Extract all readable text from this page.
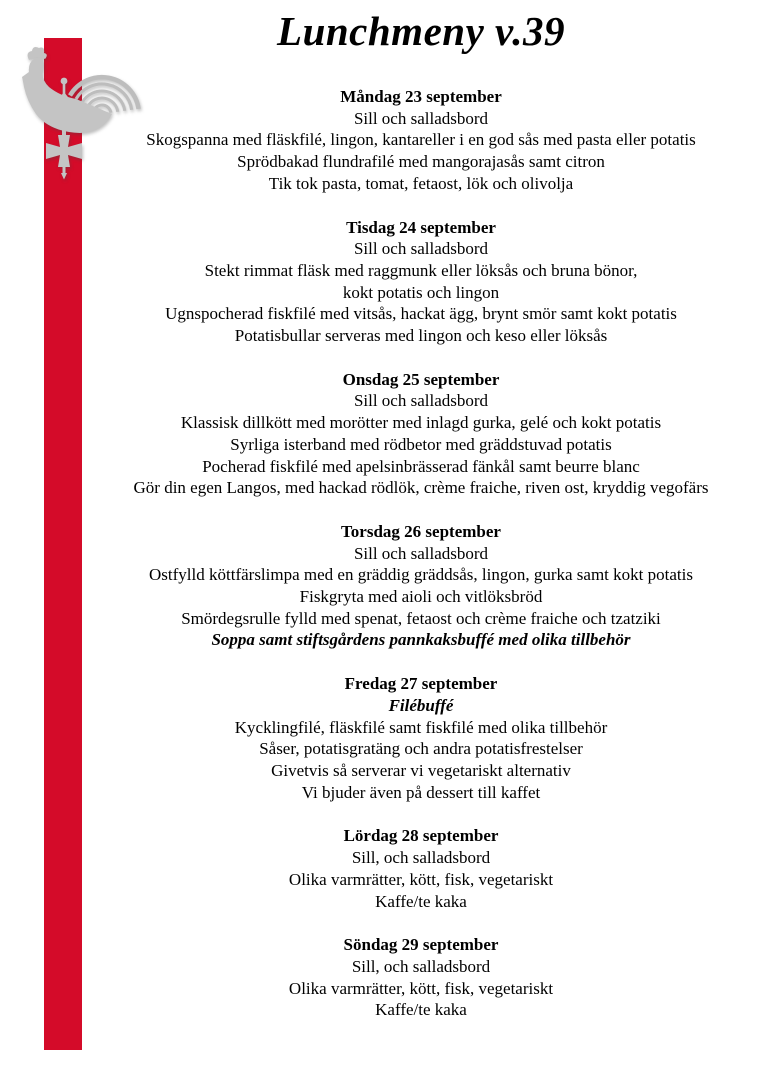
Lunchmeny v.39
Måndag 23 september

Sill och salladsbord

Skogspanna med fläskfilé, lingon, kantareller i en god sås med pasta eller potatis

Sprödbakad flundrafilé med mangorajasås samt citron

Tik tok pasta, tomat, fetaost, lök och olivolja

Tisdag 24 september

Sill och salladsbord

Stekt rimmat fläsk med raggmunk eller löksås och bruna bönor,

kokt potatis och lingon

Ugnspocherad fiskfilé med vitsås, hackat ägg, brynt smör samt kokt potatis

Potatisbullar serveras med lingon och keso eller löksås

Onsdag 25 september

Sill och salladsbord

Klassisk dillkött med morötter med inlagd gurka, gelé och kokt potatis

Syrliga isterband med rödbetor med gräddstuvad potatis

Pocherad fiskfilé med apelsinbrässerad fänkål samt beurre blanc

Gör din egen Langos, med hackad rödlök, crème fraiche, riven ost, kryddig vegofärs

Torsdag 26 september

Sill och salladsbord

Ostfylld köttfärslimpa med en gräddig gräddsås, lingon, gurka samt kokt potatis

Fiskgryta med aioli och vitlöksbröd

Smördegsrulle fylld med spenat, fetaost och crème fraiche och tzatziki

Soppa samt stiftsgårdens pannkaksbuffé med olika tillbehör

Fredag 27 september

Filébuffé

Kycklingfilé, fläskfilé samt fiskfilé med olika tillbehör

Såser, potatisgratäng och andra potatisfrestelser

Givetvis så serverar vi vegetariskt alternativ

Vi bjuder även på dessert till kaffet

Lördag 28 september

Sill, och salladsbord

Olika varmrätter, kött, fisk, vegetariskt

Kaffe/te kaka

Söndag 29 september

Sill, och salladsbord

Olika varmrätter, kött, fisk, vegetariskt

Kaffe/te kaka
